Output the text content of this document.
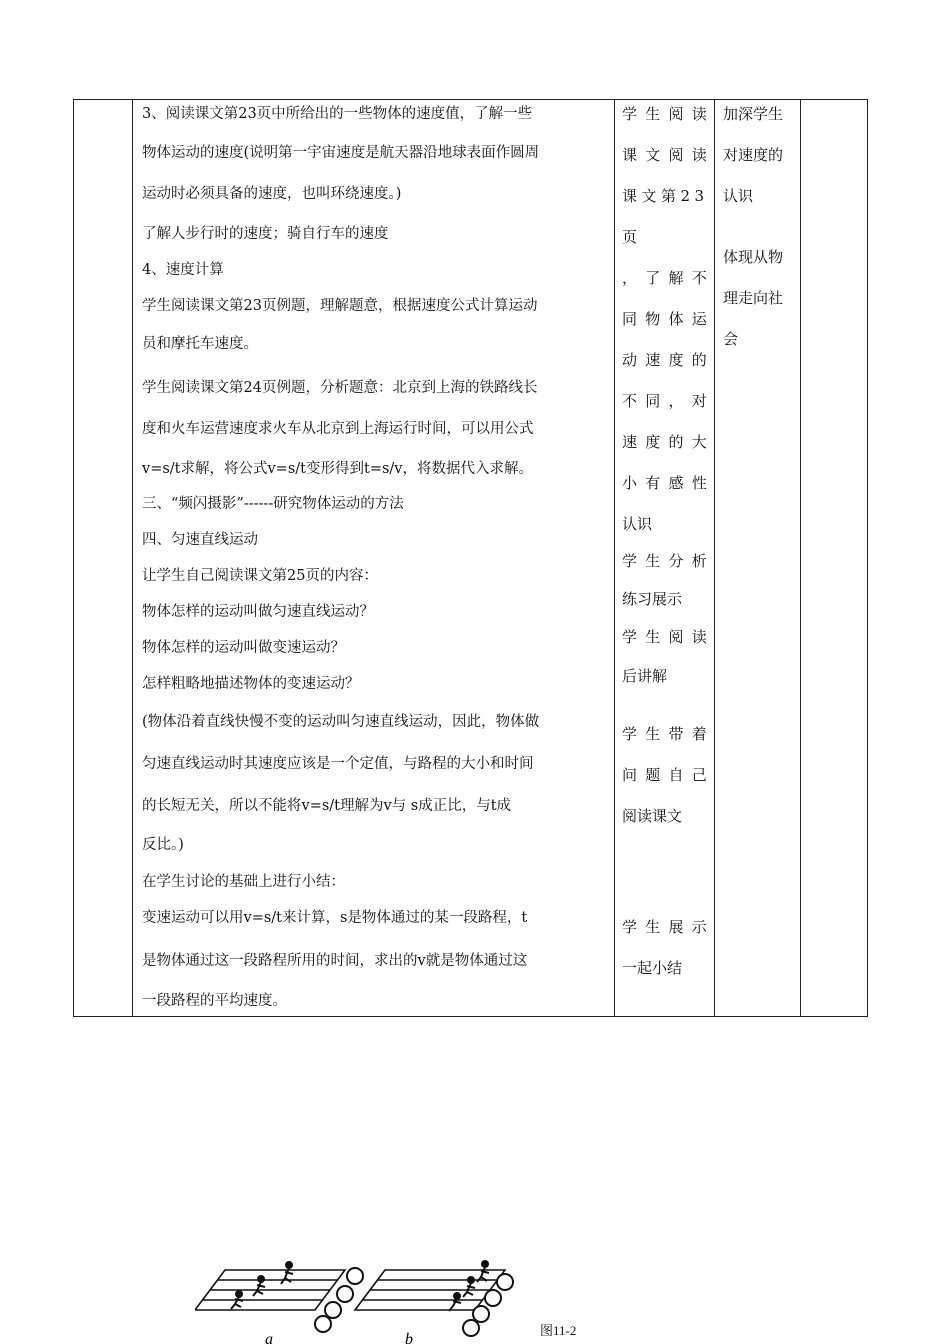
3、阅读课文第23页中所给出的一些物体的速度值，了解一些
物体运动的速度(说明第一宇宙速度是航天器沿地球表面作圆周
运动时必须具备的速度，也叫环绕速度。)
了解人步行时的速度；骑自行车的速度
4、速度计算
学生阅读课文第23页例题，理解题意，根据速度公式计算运动
员和摩托车速度。
学生阅读课文第24页例题，分析题意：北京到上海的铁路线长
度和火车运营速度求火车从北京到上海运行时间，可以用公式
v=s/t求解，将公式v=s/t变形得到t=s/v，将数据代入求解。
三、“频闪摄影”------研究物体运动的方法
四、匀速直线运动
让学生自己阅读课文第25页的内容：
物体怎样的运动叫做匀速直线运动？
物体怎样的运动叫做变速运动？
怎样粗略地描述物体的变速运动？
(物体沿着直线快慢不变的运动叫匀速直线运动，因此，物体做
匀速直线运动时其速度应该是一个定值，与路程的大小和时间
的长短无关，所以不能将v=s/t理解为v与 s成正比，与t成
反比。)
在学生讨论的基础上进行小结：
变速运动可以用v=s/t来计算，s是物体通过的某一段路程，t
是物体通过这一段路程所用的时间，求出的v就是物体通过这
一段路程的平均速度。
学生阅读
课文阅读
课文第23
页
，了解不
同物体运
动速度的
不同，对
速度的大
小有感性
认识
学生分析
练习展示
学生阅读
后讲解
学生带着
问题自己
阅读课文
学生展示
一起小结
加深学生
对速度的
认识
体现从物
理走向社
会
a	b
图11-2
